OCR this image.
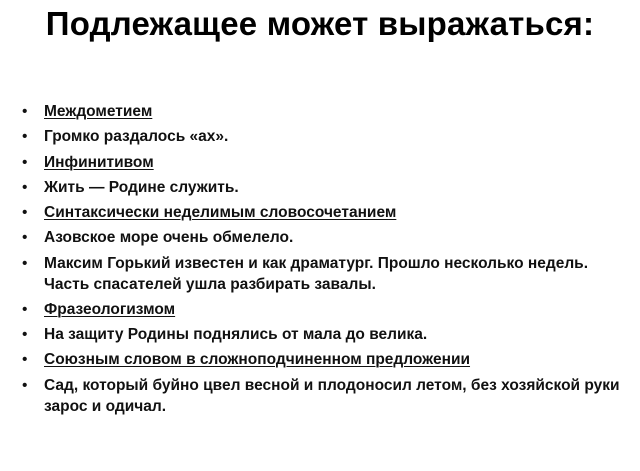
Подлежащее может выражаться:
•	Междометием
•	Громко раздалось «ах».
•	Инфинитивом
•	Жить — Родине служить.
•	Синтаксически неделимым словосочетанием
•	Азовское море очень обмелело.
•	Максим Горький известен и как драматург. Прошло несколько недель. Часть спасателей ушла разбирать завалы.
•	Фразеологизмом
•	На защиту Родины поднялись от мала до велика.
•	Союзным словом в сложноподчиненном предложении
•	Сад, который буйно цвел весной и плодоносил летом, без хозяйской руки зарос и одичал.
